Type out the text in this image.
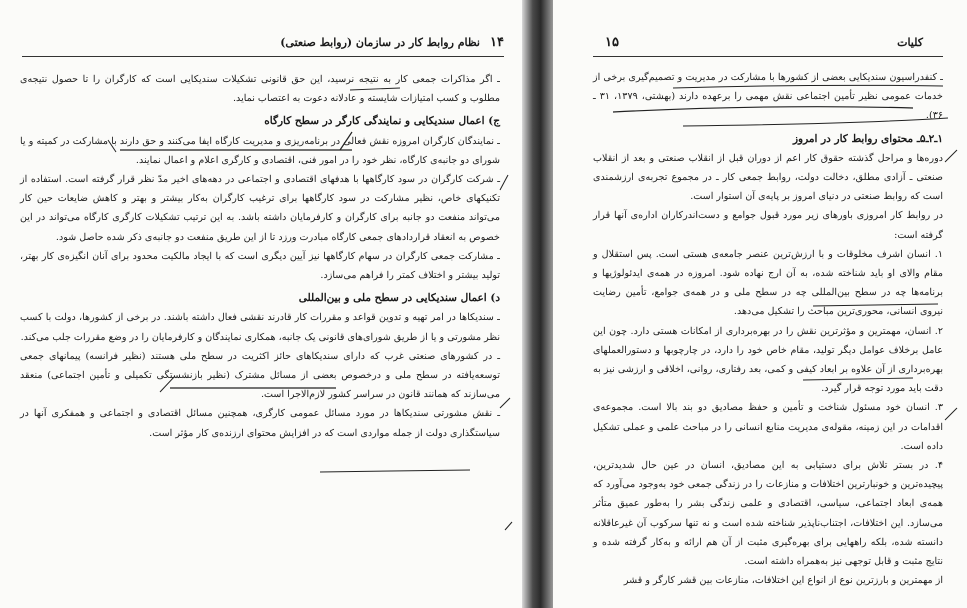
۱۴
نظام روابط کار در سازمان (روابط صنعتی)

ـ اگر مذاکرات جمعی کار به نتیجه نرسید، این حق قانونی تشکیلات سندیکایی است که کارگران را تا حصول نتیجه‌ی مطلوب و کسب امتیازات شایسته و عادلانه دعوت به اعتصاب نماید.

ج) اعمال سندیکایی و نمایندگی کارگر در سطح کارگاه

ـ نمایندگان کارگران امروزه نقش فعالی در برنامه‌ریزی و مدیریت کارگاه ایفا می‌کنند و حق دارند با مشارکت در کمیته و یا شورای دو جانبه‌ی کارگاه، نظر خود را در امور فنی، اقتصادی و کارگری اعلام و اعمال نمایند.

ـ شرکت کارگران در سود کارگاهها با هدفهای اقتصادی و اجتماعی در دهه‌های اخیر مدّ نظر قرار گرفته است. استفاده از تکنیکهای خاص، نظیر مشارکت در سود کارگاهها برای ترغیب کارگران به‌کار بیشتر و بهتر و کاهش ضایعات حین کار می‌تواند منفعت دو جانبه برای کارگران و کارفرمایان داشته باشد. به این ترتیب تشکیلات کارگری کارگاه می‌تواند در این خصوص به انعقاد قراردادهای جمعی کارگاه مبادرت ورزد تا از این طریق منفعت دو جانبه‌ی ذکر شده حاصل شود.

ـ مشارکت جمعی کارگران در سهام کارگاهها نیز آیین دیگری است که با ایجاد مالکیت محدود برای آنان انگیزه‌ی کار بهتر، تولید بیشتر و اختلاف کمتر را فراهم می‌سازد.

د) اعمال سندیکایی در سطح ملی و بین‌المللی

ـ سندیکاها در امر تهیه و تدوین قواعد و مقررات کار قادرند نقشی فعال داشته باشند. در برخی از کشورها، دولت با کسب نظر مشورتی و یا از طریق شورای‌های قانونی یک جانبه، همکاری نمایندگان و کارفرمایان را در وضع مقررات جلب می‌کند.

ـ در کشورهای صنعتی غرب که دارای سندیکاهای حائز اکثریت در سطح ملی هستند (نظیر فرانسه) پیمانهای جمعی توسعه‌یافته در سطح ملی و درخصوص بعضی از مسائل مشترک (نظیر بازنشستگی تکمیلی و تأمین اجتماعی) منعقد می‌سازند که همانند قانون در سراسر کشور لازم‌الاجرا است.

ـ نقش مشورتی سندیکاها در مورد مسائل عمومی کارگری، همچنین مسائل اقتصادی و اجتماعی و همفکری آنها در سیاستگذاری دولت از جمله مواردی است که در افزایش محتوای ارزنده‌ی کار مؤثر است.

۱۵	کلیات

ـ کنفدراسیون سندیکایی بعضی از کشورها با مشارکت در مدیریت و تصمیم‌گیری برخی از خدمات عمومی نظیر تأمین اجتماعی نقش مهمی را برعهده دارند (بهشتی، ۱۳۷۹، ۳۱ ـ ۳۶).

۱ـ۲ـ۵ـ محتوای روابط کار در امروز

دوره‌ها و مراحل گذشته حقوق کار اعم از دوران قبل از انقلاب صنعتی و بعد از انقلاب صنعتی ـ آزادی مطلق، دخالت دولت، روابط جمعی کار ـ در مجموع تجربه‌ی ارزشمندی است که روابط صنعتی در دنیای امروز بر پایه‌ی آن استوار است.

در روابط کار امروزی باورهای زیر مورد قبول جوامع و دست‌اندرکاران اداره‌ی آنها قرار گرفته است:

۱. انسان اشرف مخلوقات و با ارزش‌ترین عنصر جامعه‌ی هستی است. پس استقلال و مقام والای او باید شناخته شده، به آن ارج نهاده شود. امروزه در همه‌ی ایدئولوژیها و برنامه‌ها چه در سطح بین‌المللی چه در سطح ملی و در همه‌ی جوامع، تأمین رضایت نیروی انسانی، محوری‌ترین مباحث را تشکیل می‌دهد.

۲. انسان، مهمترین و مؤثرترین نقش را در بهره‌برداری از امکانات هستی دارد. چون این عامل برخلاف عوامل دیگر تولید، مقام خاص خود را دارد، در چارچوبها و دستورالعملهای بهره‌برداری از آن علاوه بر ابعاد کیفی و کمی، بعد رفتاری، روانی، اخلاقی و ارزشی نیز به دقت باید مورد توجه قرار گیرد.

۳. انسان خود مسئول شناخت و تأمین و حفظ مصادیق دو بند بالا است. مجموعه‌ی اقدامات در این زمینه، مقوله‌ی مدیریت منابع انسانی را در مباحث علمی و عملی تشکیل داده است.

۴. در بستر تلاش برای دستیابی به این مصادیق، انسان در عین حال شدیدترین، پیچیده‌ترین و خونبارترین اختلافات و منازعات را در زندگی جمعی خود به‌وجود می‌آورد که همه‌ی ابعاد اجتماعی، سیاسی، اقتصادی و علمی زندگی بشر را به‌طور عمیق متأثر می‌سازد. این اختلافات، اجتناب‌ناپذیر شناخته شده است و نه تنها سرکوب آن غیرعاقلانه دانسته شده، بلکه راههایی برای بهره‌گیری مثبت از آن هم ارائه و به‌کار گرفته شده و نتایج مثبت و قابل توجهی نیز به‌همراه داشته است.

از مهمترین و بارزترین نوع از انواع این اختلافات، منازعات بین قشر کارگر و قشر
